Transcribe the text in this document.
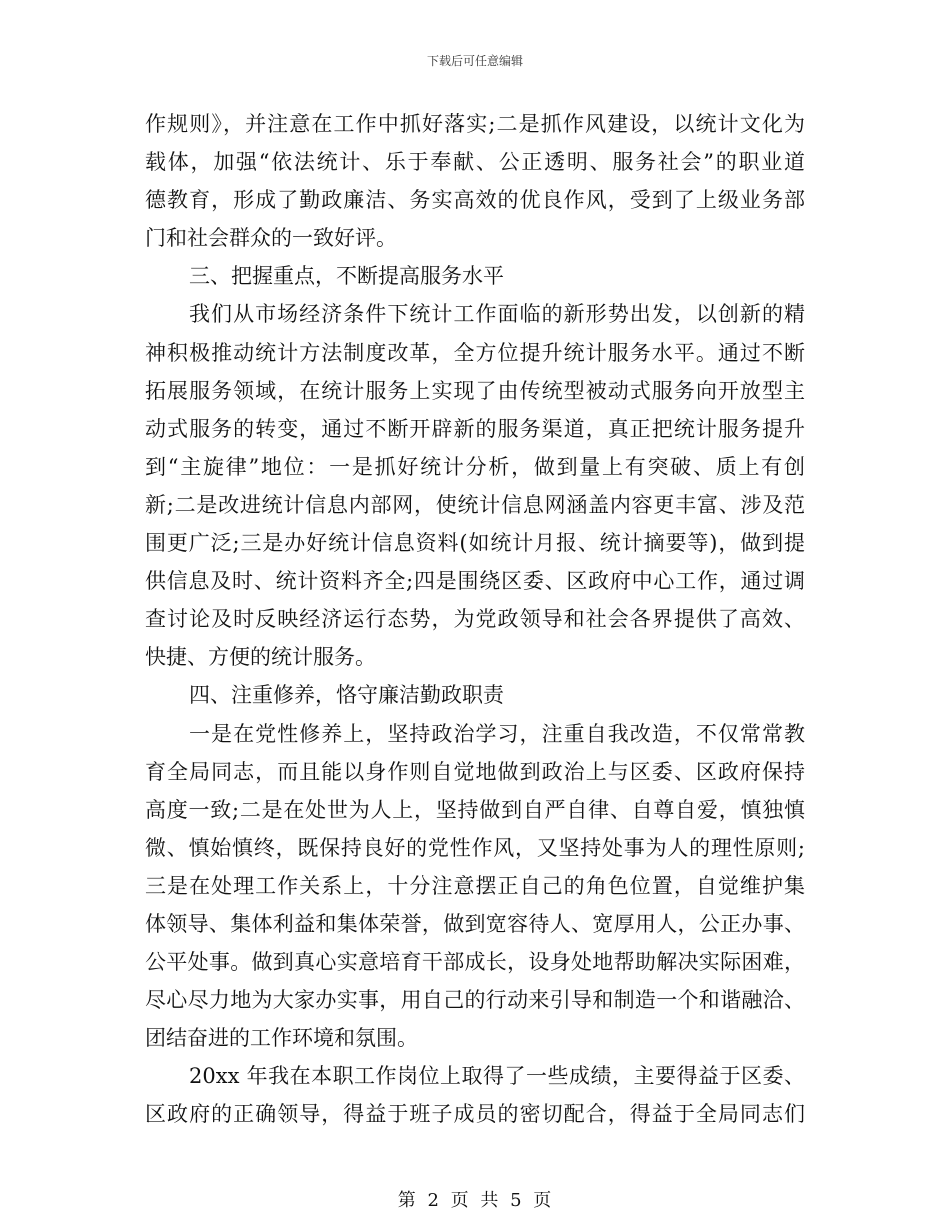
下载后可任意编辑
作规则》，并注意在工作中抓好落实;二是抓作风建设，以统计文化为
载体，加强“依法统计、乐于奉献、公正透明、服务社会”的职业道
德教育，形成了勤政廉洁、务实高效的优良作风，受到了上级业务部
门和社会群众的一致好评。
三、把握重点，不断提高服务水平
我们从市场经济条件下统计工作面临的新形势出发，以创新的精
神积极推动统计方法制度改革，全方位提升统计服务水平。通过不断
拓展服务领域，在统计服务上实现了由传统型被动式服务向开放型主
动式服务的转变，通过不断开辟新的服务渠道，真正把统计服务提升
到“主旋律”地位：一是抓好统计分析，做到量上有突破、质上有创
新;二是改进统计信息内部网，使统计信息网涵盖内容更丰富、涉及范
围更广泛;三是办好统计信息资料(如统计月报、统计摘要等)，做到提
供信息及时、统计资料齐全;四是围绕区委、区政府中心工作，通过调
查讨论及时反映经济运行态势，为党政领导和社会各界提供了高效、
快捷、方便的统计服务。
四、注重修养，恪守廉洁勤政职责
一是在党性修养上，坚持政治学习，注重自我改造，不仅常常教
育全局同志，而且能以身作则自觉地做到政治上与区委、区政府保持
高度一致;二是在处世为人上，坚持做到自严自律、自尊自爱，慎独慎
微、慎始慎终，既保持良好的党性作风，又坚持处事为人的理性原则;
三是在处理工作关系上，十分注意摆正自己的角色位置，自觉维护集
体领导、集体利益和集体荣誉，做到宽容待人、宽厚用人，公正办事、
公平处事。做到真心实意培育干部成长，设身处地帮助解决实际困难，
尽心尽力地为大家办实事，用自己的行动来引导和制造一个和谐融洽、
团结奋进的工作环境和氛围。
20xx 年我在本职工作岗位上取得了一些成绩，主要得益于区委、
区政府的正确领导，得益于班子成员的密切配合，得益于全局同志们
第 2 页 共 5 页
